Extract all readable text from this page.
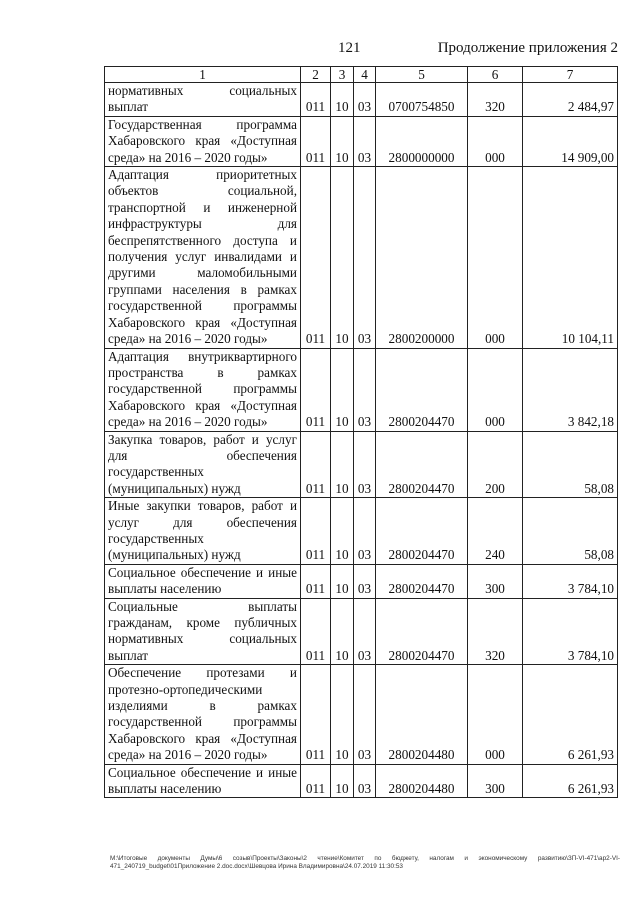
121	Продолжение приложения 2
1	2	3	4	5	6	7
нормативных социальных выплат	011	10	03	0700754850	320	2 484,97
Государственная программа Хабаровского края «Доступная среда» на 2016 – 2020 годы»	011	10	03	2800000000	000	14 909,00
Адаптация приоритетных объектов социальной, транспортной и инженерной инфраструктуры для беспрепятственного доступа и получения услуг инвалидами и другими маломобильными группами населения в рамках государственной программы Хабаровского края «Доступная среда» на 2016 – 2020 годы»	011	10	03	2800200000	000	10 104,11
Адаптация внутриквартирного пространства в рамках государственной программы Хабаровского края «Доступная среда» на 2016 – 2020 годы»	011	10	03	2800204470	000	3 842,18
Закупка товаров, работ и услуг для обеспечения государственных (муниципальных) нужд	011	10	03	2800204470	200	58,08
Иные закупки товаров, работ и услуг для обеспечения государственных (муниципальных) нужд	011	10	03	2800204470	240	58,08
Социальное обеспечение и иные выплаты населению	011	10	03	2800204470	300	3 784,10
Социальные выплаты гражданам, кроме публичных нормативных социальных выплат	011	10	03	2800204470	320	3 784,10
Обеспечение протезами и протезно-ортопедическими изделиями в рамках государственной программы Хабаровского края «Доступная среда» на 2016 – 2020 годы»	011	10	03	2800204480	000	6 261,93
Социальное обеспечение и иные выплаты населению	011	10	03	2800204480	300	6 261,93
M:\Итоговые документы Думы\6 созыв\Проекты\Законы\2 чтение\Комитет по бюджету, налогам и экономическому развитию\ЗП-VI-471\ap2-VI-471_240719_budget\01Приложение 2.doc.docx\Шевцова Ирина Владимировна\24.07.2019 11:30:53
